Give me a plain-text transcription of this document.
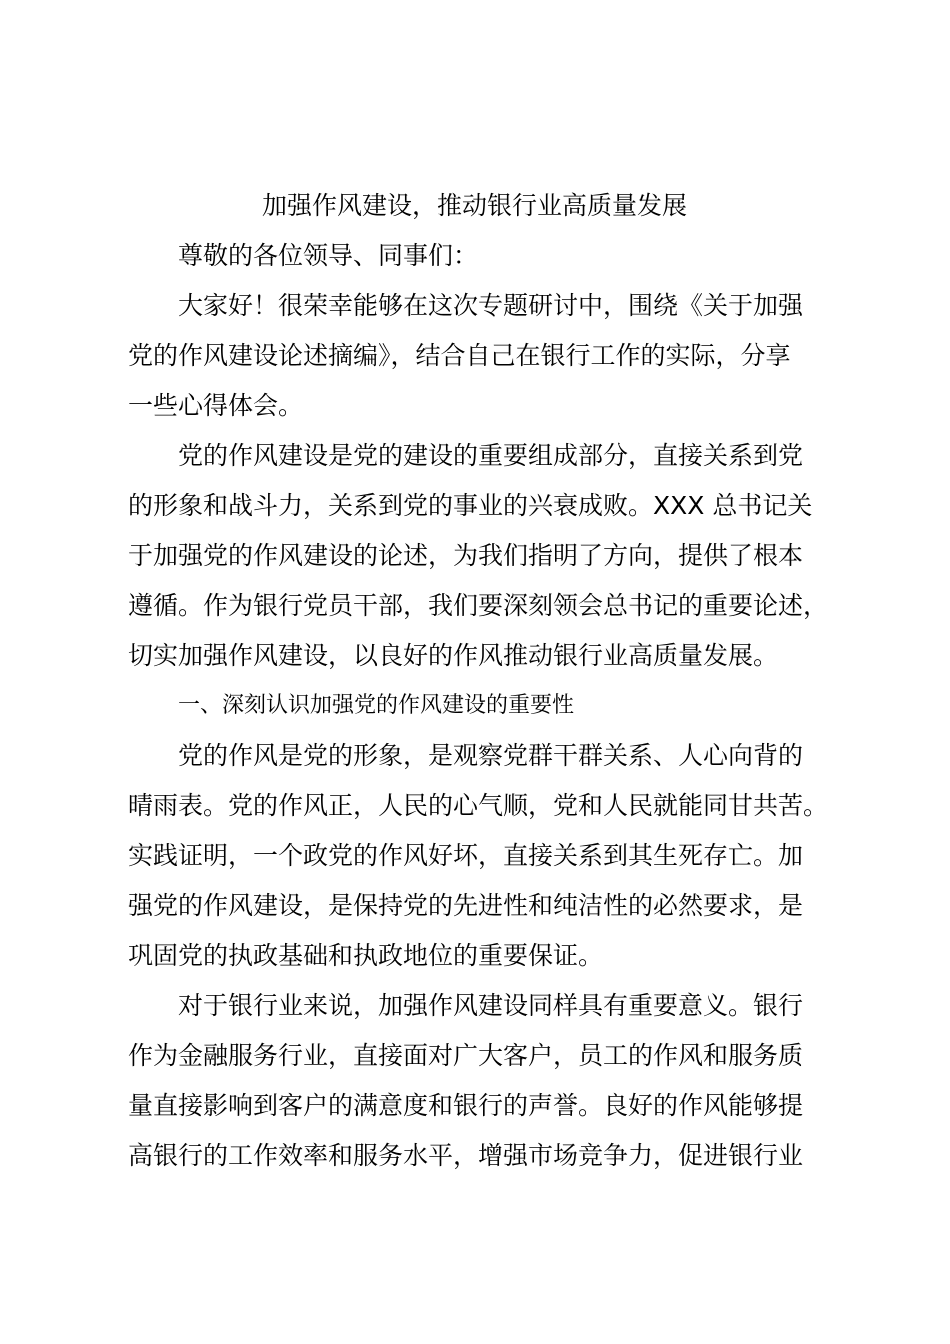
加强作风建设，推动银行业高质量发展
尊敬的各位领导、同事们：
大家好！很荣幸能够在这次专题研讨中，围绕《关于加强
党的作风建设论述摘编》，结合自己在银行工作的实际，分享
一些心得体会。
党的作风建设是党的建设的重要组成部分，直接关系到党
的形象和战斗力，关系到党的事业的兴衰成败。XXX 总书记关
于加强党的作风建设的论述，为我们指明了方向，提供了根本
遵循。作为银行党员干部，我们要深刻领会总书记的重要论述，
切实加强作风建设，以良好的作风推动银行业高质量发展。
一、深刻认识加强党的作风建设的重要性
党的作风是党的形象，是观察党群干群关系、人心向背的
晴雨表。党的作风正，人民的心气顺，党和人民就能同甘共苦。
实践证明，一个政党的作风好坏，直接关系到其生死存亡。加
强党的作风建设，是保持党的先进性和纯洁性的必然要求，是
巩固党的执政基础和执政地位的重要保证。
对于银行业来说，加强作风建设同样具有重要意义。银行
作为金融服务行业，直接面对广大客户，员工的作风和服务质
量直接影响到客户的满意度和银行的声誉。良好的作风能够提
高银行的工作效率和服务水平，增强市场竞争力，促进银行业
